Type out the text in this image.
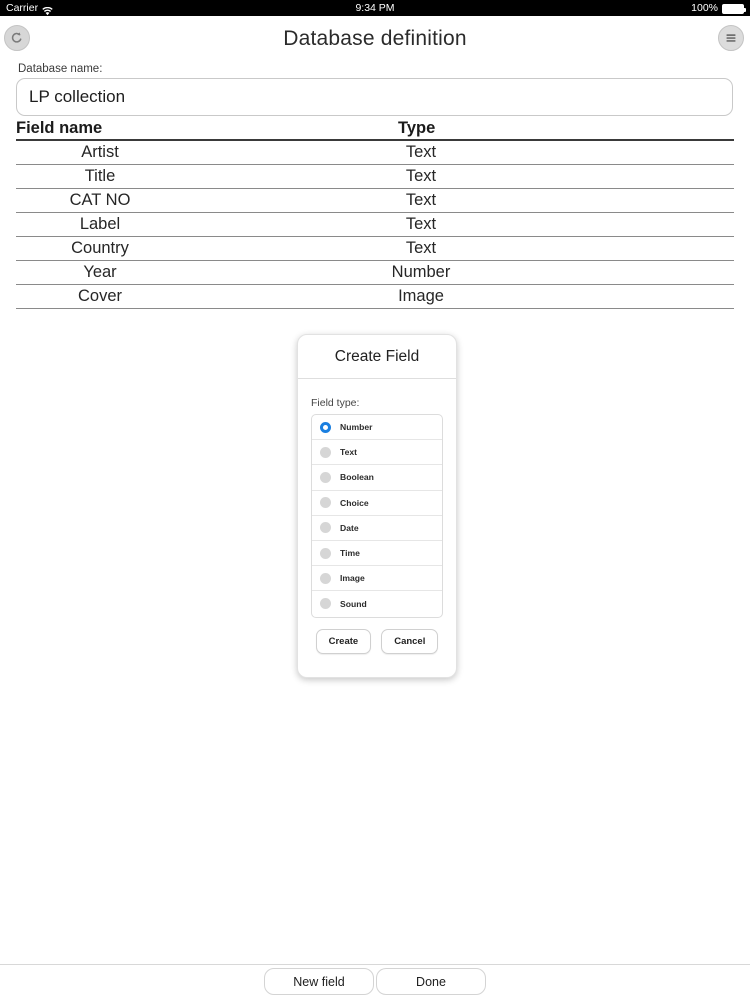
Carrier	9:34 PM	100%
Database definition
Database name:
LP collection
Field name	Type
Artist	Text
Title	Text
CAT NO	Text
Label	Text
Country	Text
Year	Number
Cover	Image
Create Field
Field type:
Number
Text
Boolean
Choice
Date
Time
Image
Sound
Create	Cancel
New field	Done
